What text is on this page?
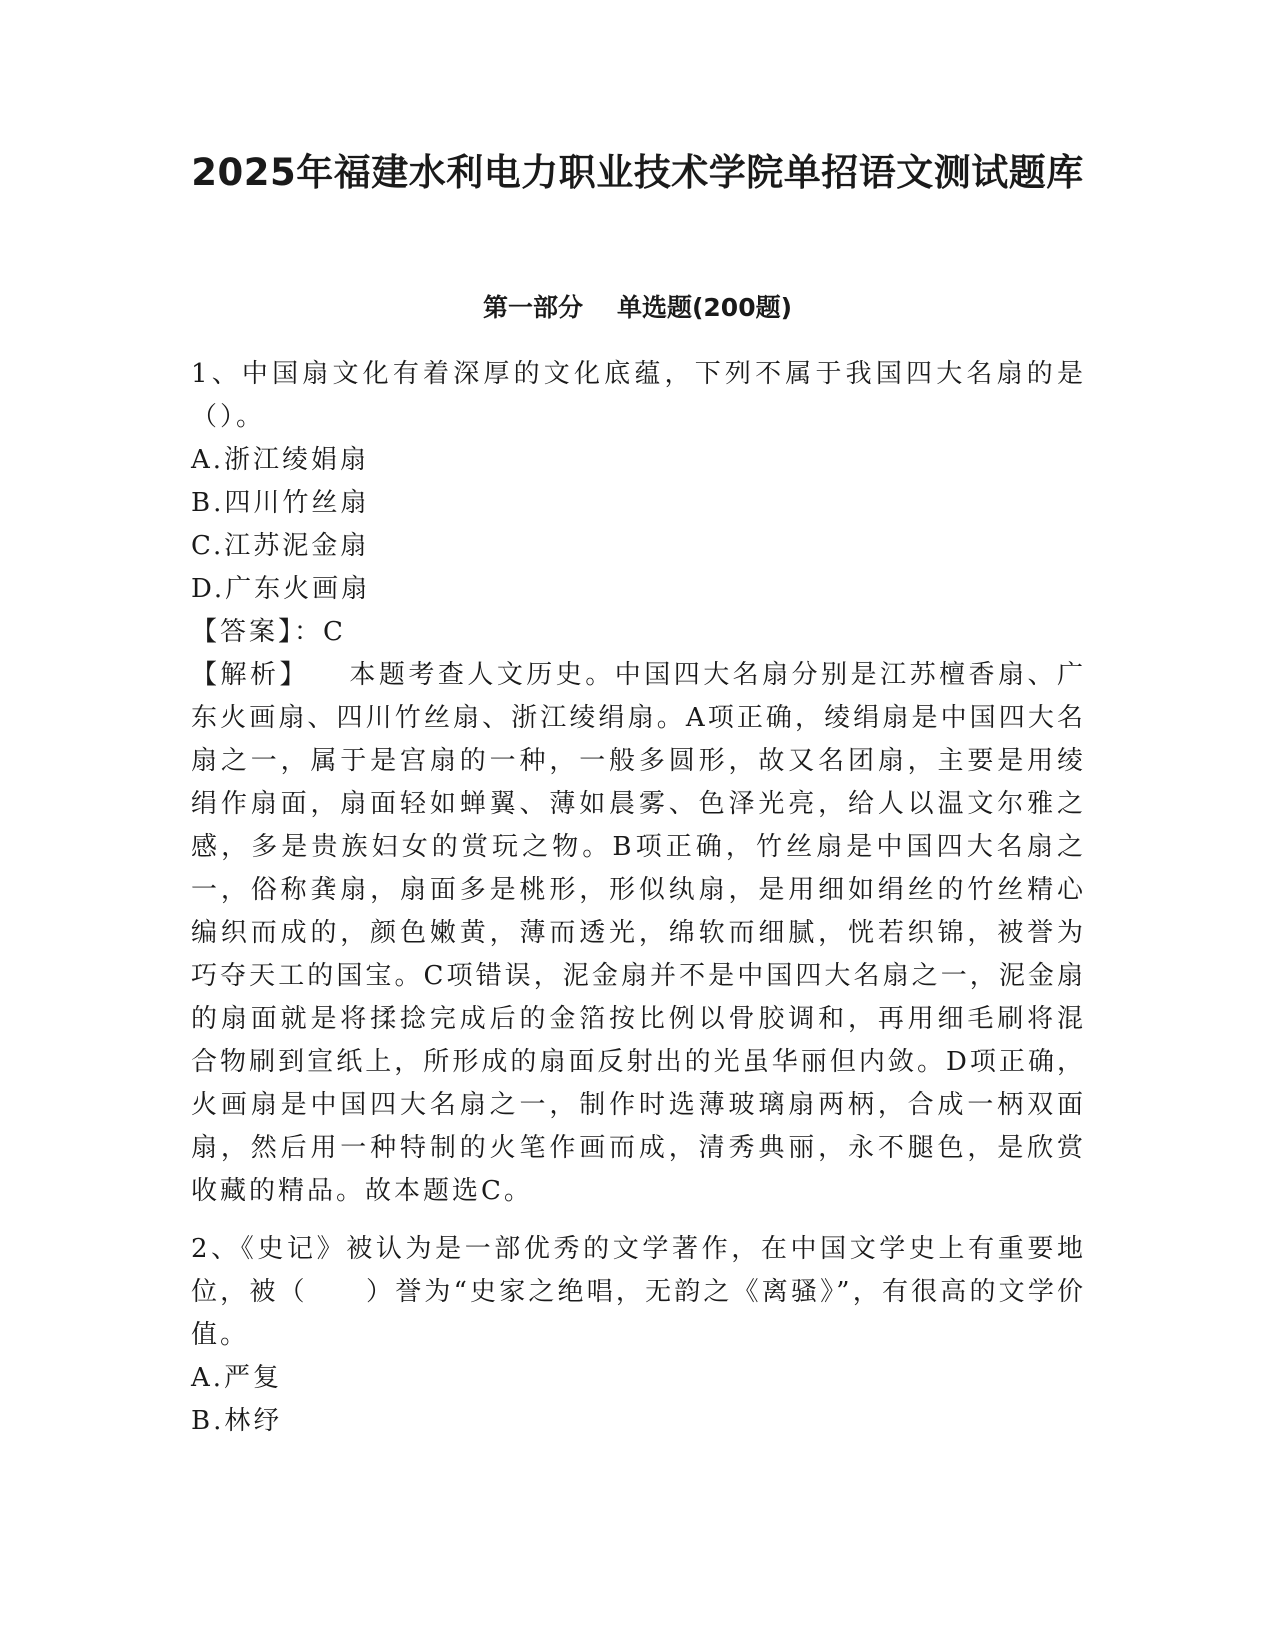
2025年福建水利电力职业技术学院单招语文测试题库
第一部分 单选题(200题)

1、中国扇文化有着深厚的文化底蕴，下列不属于我国四大名扇的是（）。

A.浙江绫娟扇

B.四川竹丝扇

C.江苏泥金扇

D.广东火画扇

【答案】：C

【解析】 本题考查人文历史。中国四大名扇分别是江苏檀香扇、广东火画扇、四川竹丝扇、浙江绫绢扇。A项正确，绫绢扇是中国四大名扇之一，属于是宫扇的一种，一般多圆形，故又名团扇，主要是用绫绢作扇面，扇面轻如蝉翼、薄如晨雾、色泽光亮，给人以温文尔雅之感，多是贵族妇女的赏玩之物。B项正确，竹丝扇是中国四大名扇之一，俗称龚扇，扇面多是桃形，形似纨扇，是用细如绢丝的竹丝精心编织而成的，颜色嫩黄，薄而透光，绵软而细腻，恍若织锦，被誉为巧夺天工的国宝。C项错误，泥金扇并不是中国四大名扇之一，泥金扇的扇面就是将揉捻完成后的金箔按比例以骨胶调和，再用细毛刷将混合物刷到宣纸上，所形成的扇面反射出的光虽华丽但内敛。D项正确，火画扇是中国四大名扇之一，制作时选薄玻璃扇两柄，合成一柄双面扇，然后用一种特制的火笔作画而成，清秀典丽，永不腿色，是欣赏收藏的精品。故本题选C。

2、《史记》被认为是一部优秀的文学著作，在中国文学史上有重要地位，被（　　）誉为“史家之绝唱，无韵之《离骚》”，有很高的文学价值。

A.严复

B.林纾
